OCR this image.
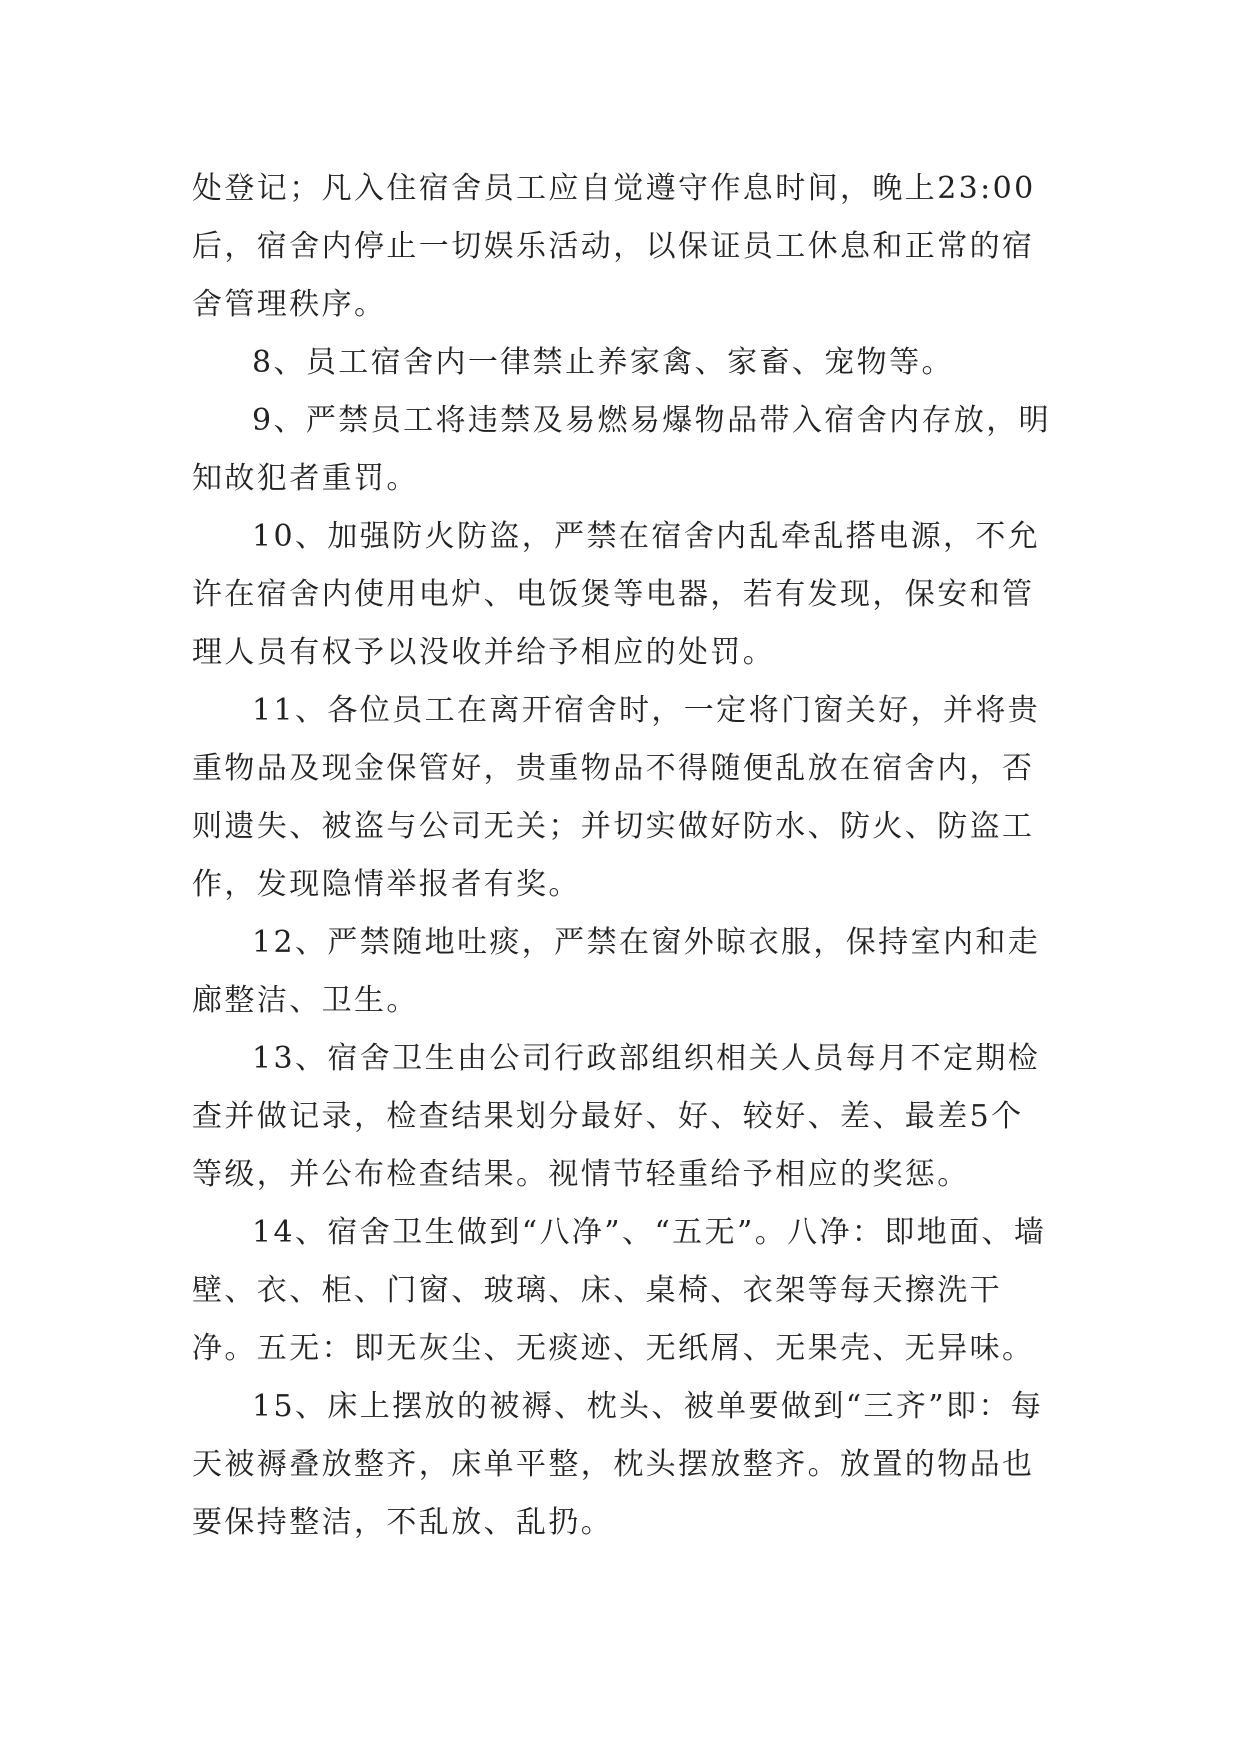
处登记；凡入住宿舍员工应自觉遵守作息时间，晚上23:00后，宿舍内停止一切娱乐活动，以保证员工休息和正常的宿舍管理秩序。

8、员工宿舍内一律禁止养家禽、家畜、宠物等。

9、严禁员工将违禁及易燃易爆物品带入宿舍内存放，明知故犯者重罚。

10、加强防火防盗，严禁在宿舍内乱牵乱搭电源，不允许在宿舍内使用电炉、电饭煲等电器，若有发现，保安和管理人员有权予以没收并给予相应的处罚。

11、各位员工在离开宿舍时，一定将门窗关好，并将贵重物品及现金保管好，贵重物品不得随便乱放在宿舍内，否则遗失、被盗与公司无关；并切实做好防水、防火、防盗工作，发现隐情举报者有奖。

12、严禁随地吐痰，严禁在窗外晾衣服，保持室内和走廊整洁、卫生。

13、宿舍卫生由公司行政部组织相关人员每月不定期检查并做记录，检查结果划分最好、好、较好、差、最差5个等级，并公布检查结果。视情节轻重给予相应的奖惩。

14、宿舍卫生做到“八净”、“五无”。八净：即地面、墙壁、衣、柜、门窗、玻璃、床、桌椅、衣架等每天擦洗干净。五无：即无灰尘、无痰迹、无纸屑、无果壳、无异味。

15、床上摆放的被褥、枕头、被单要做到“三齐”即：每天被褥叠放整齐，床单平整，枕头摆放整齐。放置的物品也要保持整洁，不乱放、乱扔。
